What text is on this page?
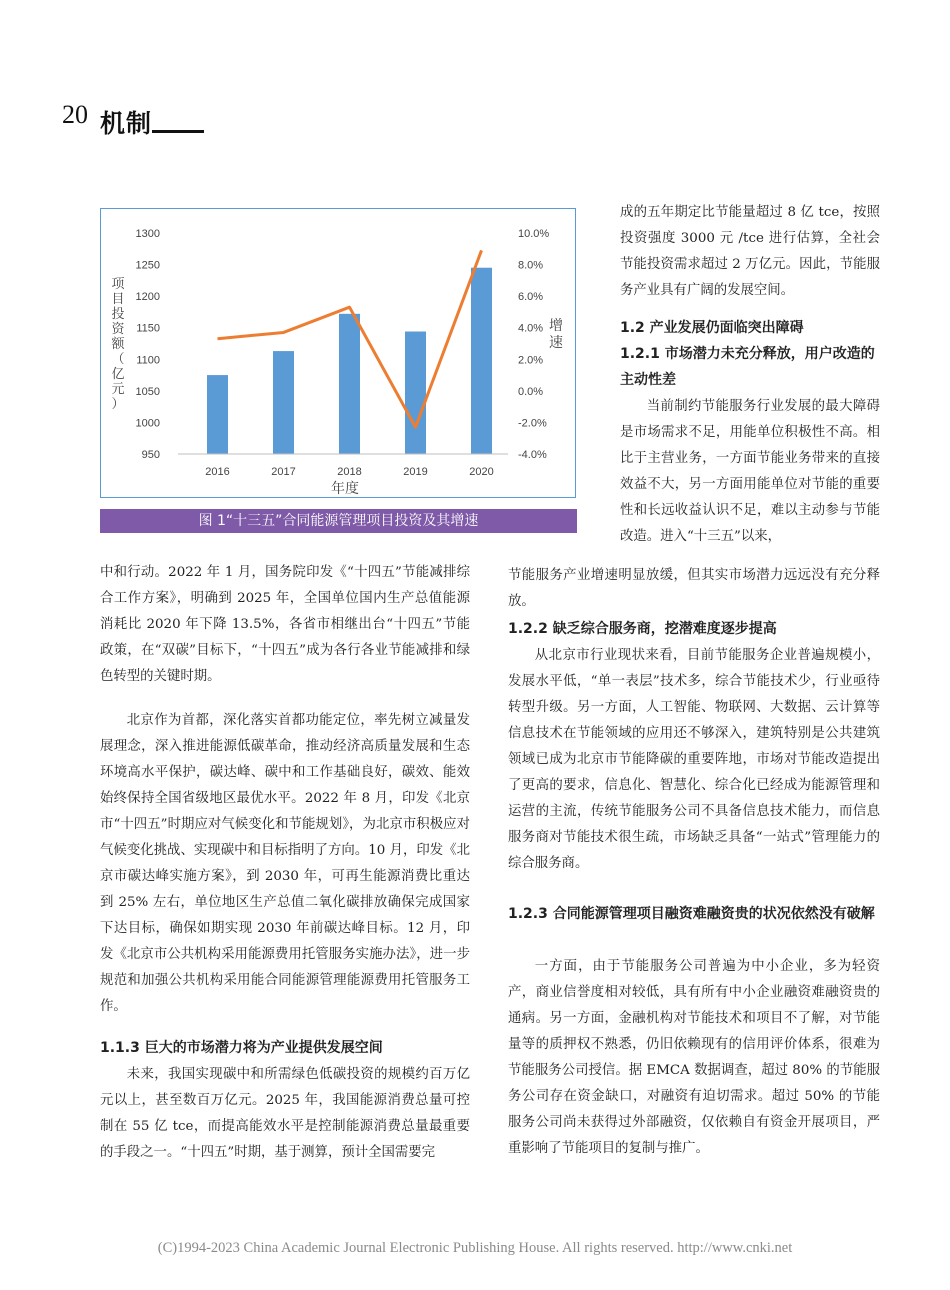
20 机制
1300
1250
1200
1150
1100
1050
1000
950
10.0%
8.0%
6.0%
4.0%
2.0%
0.0%
-2.0%
-4.0%
2016	2017	2018	2019	2020
年度
项
目
投
资
额
（
亿
元
）
增
速
图 1“十三五”合同能源管理项目投资及其增速

中和行动。2022 年 1 月，国务院印发《“十四五”节能减排综合工作方案》，明确到 2025 年，全国单位国内生产总值能源消耗比 2020 年下降 13.5%，各省市相继出台“十四五”节能政策，在“双碳”目标下，“十四五”成为各行各业节能减排和绿色转型的关键时期。

北京作为首都，深化落实首都功能定位，率先树立减量发展理念，深入推进能源低碳革命，推动经济高质量发展和生态环境高水平保护，碳达峰、碳中和工作基础良好，碳效、能效始终保持全国省级地区最优水平。2022 年 8 月，印发《北京市“十四五”时期应对气候变化和节能规划》，为北京市积极应对气候变化挑战、实现碳中和目标指明了方向。10 月，印发《北京市碳达峰实施方案》，到 2030 年，可再生能源消费比重达到 25% 左右，单位地区生产总值二氧化碳排放确保完成国家下达目标，确保如期实现 2030 年前碳达峰目标。12 月，印发《北京市公共机构采用能源费用托管服务实施办法》，进一步规范和加强公共机构采用能合同能源管理能源费用托管服务工作。

1.1.3 巨大的市场潜力将为产业提供发展空间

未来，我国实现碳中和所需绿色低碳投资的规模约百万亿元以上，甚至数百万亿元。2025 年，我国能源消费总量可控制在 55 亿 tce，而提高能效水平是控制能源消费总量最重要的手段之一。“十四五”时期，基于测算，预计全国需要完

成的五年期定比节能量超过 8 亿 tce，按照投资强度 3000 元 /tce 进行估算，全社会节能投资需求超过 2 万亿元。因此，节能服务产业具有广阔的发展空间。

1.2 产业发展仍面临突出障碍

1.2.1 市场潜力未充分释放，用户改造的主动性差

当前制约节能服务行业发展的最大障碍是市场需求不足，用能单位积极性不高。相比于主营业务，一方面节能业务带来的直接效益不大，另一方面用能单位对节能的重要性和长远收益认识不足，难以主动参与节能改造。进入“十三五”以来，

节能服务产业增速明显放缓，但其实市场潜力远远没有充分释放。

1.2.2 缺乏综合服务商，挖潜难度逐步提高

从北京市行业现状来看，目前节能服务企业普遍规模小，发展水平低，“单一表层”技术多，综合节能技术少，行业亟待转型升级。另一方面，人工智能、物联网、大数据、云计算等信息技术在节能领域的应用还不够深入，建筑特别是公共建筑领域已成为北京市节能降碳的重要阵地，市场对节能改造提出了更高的要求，信息化、智慧化、综合化已经成为能源管理和运营的主流，传统节能服务公司不具备信息技术能力，而信息服务商对节能技术很生疏，市场缺乏具备“一站式”管理能力的综合服务商。

1.2.3 合同能源管理项目融资难融资贵的状况依然没有破解

一方面，由于节能服务公司普遍为中小企业，多为轻资产，商业信誉度相对较低，具有所有中小企业融资难融资贵的通病。另一方面，金融机构对节能技术和项目不了解，对节能量等的质押权不熟悉，仍旧依赖现有的信用评价体系，很难为节能服务公司授信。据 EMCA 数据调查，超过 80% 的节能服务公司存在资金缺口，对融资有迫切需求。超过 50% 的节能服务公司尚未获得过外部融资，仅依赖自有资金开展项目，严重影响了节能项目的复制与推广。

(C)1994-2023 China Academic Journal Electronic Publishing House. All rights reserved. http://www.cnki.net
